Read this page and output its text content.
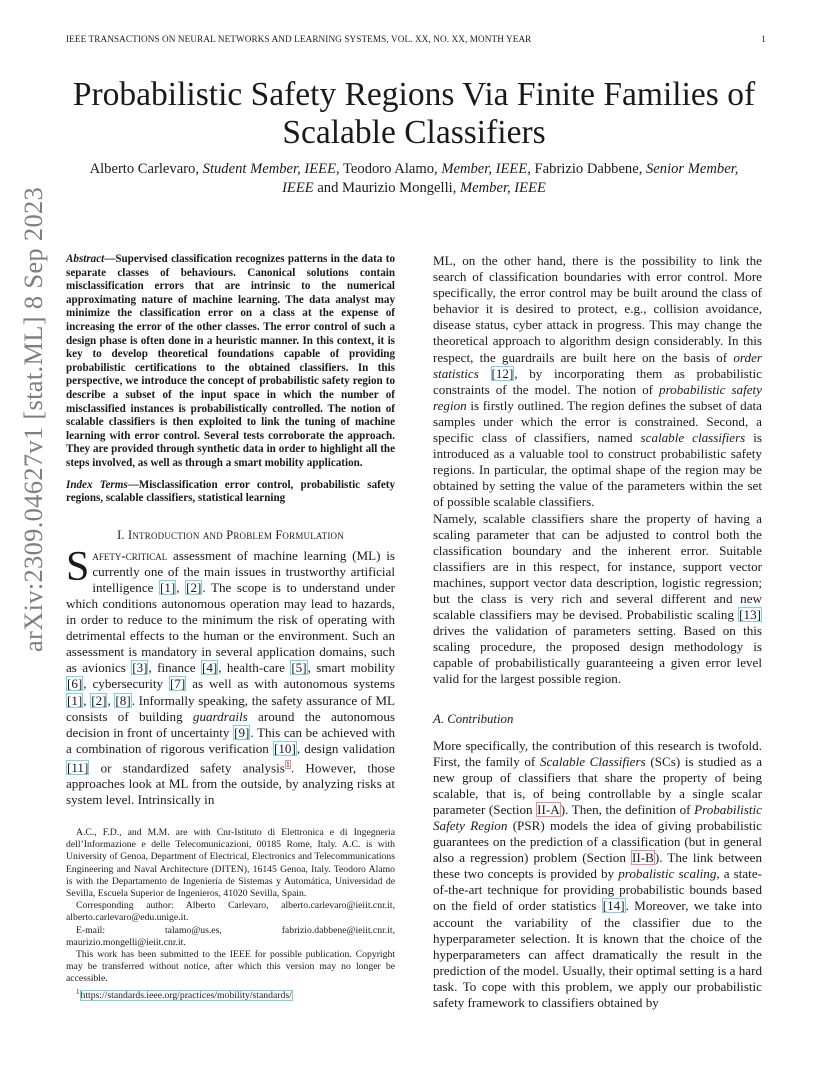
IEEE TRANSACTIONS ON NEURAL NETWORKS AND LEARNING SYSTEMS, VOL. XX, NO. XX, MONTH YEAR	1
arXiv:2309.04627v1 [stat.ML] 8 Sep 2023
Probabilistic Safety Regions Via Finite Families of Scalable Classifiers
Alberto Carlevaro, Student Member, IEEE, Teodoro Alamo, Member, IEEE, Fabrizio Dabbene, Senior Member, IEEE and Maurizio Mongelli, Member, IEEE
Abstract—Supervised classification recognizes patterns in the data to separate classes of behaviours. Canonical solutions contain misclassification errors that are intrinsic to the numerical approximating nature of machine learning. The data analyst may minimize the classification error on a class at the expense of increasing the error of the other classes. The error control of such a design phase is often done in a heuristic manner. In this context, it is key to develop theoretical foundations capable of providing probabilistic certifications to the obtained classifiers. In this perspective, we introduce the concept of probabilistic safety region to describe a subset of the input space in which the number of misclassified instances is probabilistically controlled. The notion of scalable classifiers is then exploited to link the tuning of machine learning with error control. Several tests corroborate the approach. They are provided through synthetic data in order to highlight all the steps involved, as well as through a smart mobility application.
Index Terms—Misclassification error control, probabilistic safety regions, scalable classifiers, statistical learning
I. Introduction and Problem Formulation

Safety-critical assessment of machine learning (ML) is currently one of the main issues in trustworthy artificial intelligence [1], [2]. The scope is to understand under which conditions autonomous operation may lead to hazards, in order to reduce to the minimum the risk of operating with detrimental effects to the human or the environment. Such an assessment is mandatory in several application domains, such as avionics [3], finance [4], health-care [5], smart mobility [6], cybersecurity [7] as well as with autonomous systems [1], [2], [8]. Informally speaking, the safety assurance of ML consists of building guardrails around the autonomous decision in front of uncertainty [9]. This can be achieved with a combination of rigorous verification [10], design validation [11] or standardized safety analysis$^1$. However, those approaches look at ML from the outside, by analyzing risks at system level. Intrinsically in

A.C., F.D., and M.M. are with Cnr-Istituto di Elettronica e di Ingegneria dell’Informazione e delle Telecomunicazioni, 00185 Rome, Italy. A.C. is with University of Genoa, Department of Electrical, Electronics and Telecommunications Engineering and Naval Architecture (DITEN), 16145 Genoa, Italy. Teodoro Alamo is with the Departamento de Ingeniería de Sistemas y Automática, Universidad de Sevilla, Escuela Superior de Ingenieros, 41020 Sevilla, Spain.

Corresponding author: Alberto Carlevaro, alberto.carlevaro@ieiit.cnr.it, alberto.carlevaro@edu.unige.it.

E-mail: talamo@us.es, fabrizio.dabbene@ieiit.cnr.it, maurizio.mongelli@ieiit.cnr.it.

This work has been submitted to the IEEE for possible publication. Copyright may be transferred without notice, after which this version may no longer be accessible.

$^1$https://standards.ieee.org/practices/mobility/standards/

ML, on the other hand, there is the possibility to link the search of classification boundaries with error control. More specifically, the error control may be built around the class of behavior it is desired to protect, e.g., collision avoidance, disease status, cyber attack in progress. This may change the theoretical approach to algorithm design considerably. In this respect, the guardrails are built here on the basis of order statistics [12], by incorporating them as probabilistic constraints of the model. The notion of probabilistic safety region is firstly outlined. The region defines the subset of data samples under which the error is constrained. Second, a specific class of classifiers, named scalable classifiers is introduced as a valuable tool to construct probabilistic safety regions. In particular, the optimal shape of the region may be obtained by setting the value of the parameters within the set of possible scalable classifiers.

Namely, scalable classifiers share the property of having a scaling parameter that can be adjusted to control both the classification boundary and the inherent error. Suitable classifiers are in this respect, for instance, support vector machines, support vector data description, logistic regression; but the class is very rich and several different and new scalable classifiers may be devised. Probabilistic scaling [13] drives the validation of parameters setting. Based on this scaling procedure, the proposed design methodology is capable of probabilistically guaranteeing a given error level valid for the largest possible region.

A. Contribution

More specifically, the contribution of this research is twofold. First, the family of Scalable Classifiers (SCs) is studied as a new group of classifiers that share the property of being scalable, that is, of being controllable by a single scalar parameter (Section II-A). Then, the definition of Probabilistic Safety Region (PSR) models the idea of giving probabilistic guarantees on the prediction of a classification (but in general also a regression) problem (Section II-B). The link between these two concepts is provided by probalistic scaling, a state-of-the-art technique for providing probabilistic bounds based on the field of order statistics [14]. Moreover, we take into account the variability of the classifier due to the hyperparameter selection. It is known that the choice of the hyperparameters can affect dramatically the result in the prediction of the model. Usually, their optimal setting is a hard task. To cope with this problem, we apply our probabilistic safety framework to classifiers obtained by
